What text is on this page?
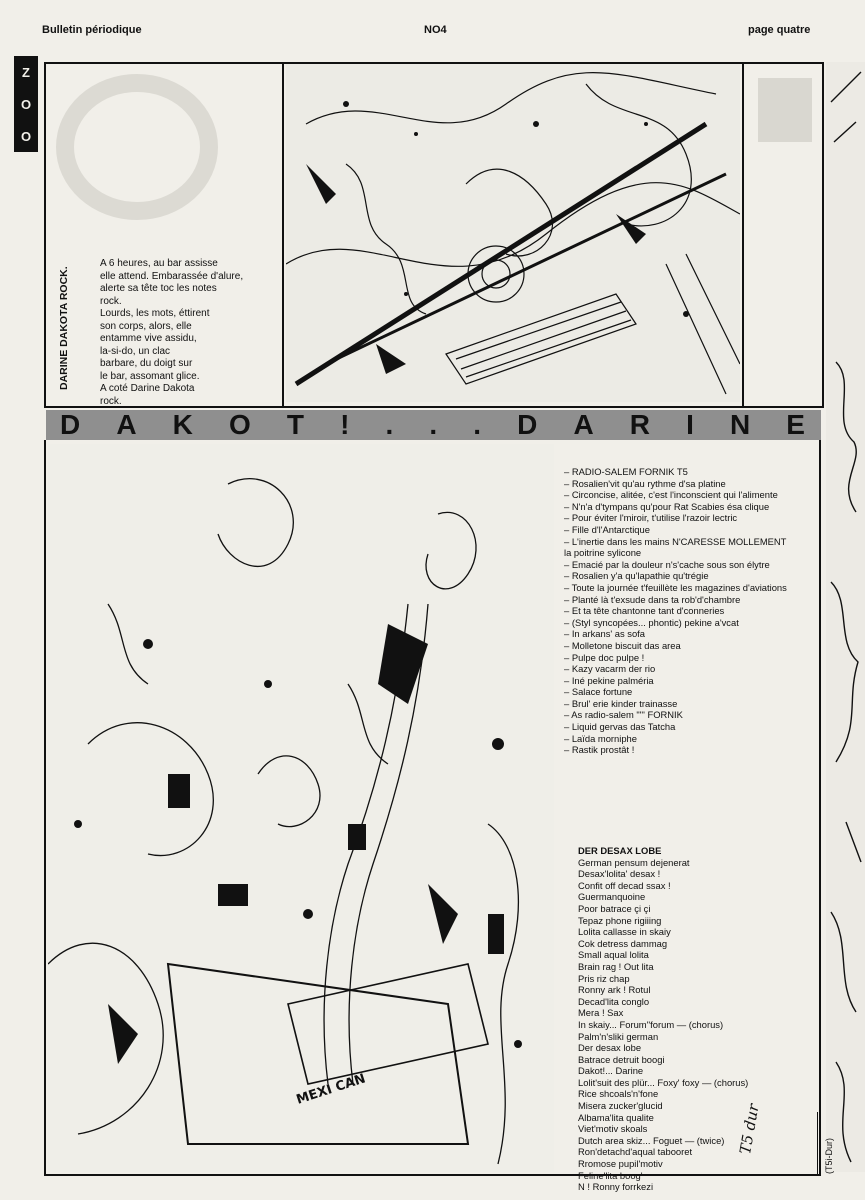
Bulletin périodique	NO4	page quatre
Z
O
O
DARINE DAKOTA ROCK.
A 6 heures, au bar assisse
elle attend. Embarassée d'alure,
alerte sa tête toc les notes
rock.
Lourds, les mots, éttirent
son corps, alors, elle
entamme vive assidu,
la-si-do, un clac
barbare, du doigt sur
le bar, assomant glice.
A coté Darine Dakota
rock.
D A K O T ! . . . D A R I N E
MEXI CAN
– RADIO-SALEM FORNIK T5
– Rosalien'vit qu'au rythme d'sa platine
– Circoncise, alitée, c'est l'inconscient qui l'alimente
– N'n'a d'tympans qu'pour Rat Scabies ésa clique
– Pour éviter l'miroir, t'utilise l'razoir lectric
– Fille d'l'Antarctique
– L'inertie dans les mains N'CARESSE MOLLEMENT
la poitrine sylicone
– Emacié par la douleur n's'cache sous son élytre
– Rosalien y'a qu'lapathie qu'trégie
– Toute la journée t'feuillète les magazines d'aviations
– Planté là t'exsude dans ta rob'd'chambre
– Et ta tête chantonne tant d'conneries
– (Styl syncopées... phontic) pekine a'vcat
– In arkans' as sofa
– Molletone biscuit das area
– Pulpe doc pulpe !
– Kazy vacarm der rio
– Iné pekine palméria
– Salace fortune
– Brul' erie kinder trainasse
– As radio-salem ""' FORNIK
– Liquid gervas das Tatcha
– Laïda morniphe
– Rastik prostât !
DER DESAX LOBE
German pensum dejenerat
Desax'lolita' desax !
Confit off decad ssax !
Guermanquoine
Poor batrace çi çi
Tepaz phone rigiiing
Lolita callasse in skaiy
Cok detress dammag
Small aqual lolita
Brain rag ! Out lita
Pris riz chap
Ronny ark ! Rotul
Decad'lita conglo
Mera ! Sax
In skaiy... Forum''forum — (chorus)
Palm'n'sliki german
Der desax lobe
Batrace detruit boogi
Dakot!... Darine
Lolit'suit des plür... Foxy' foxy — (chorus)
Rice shcoals'n'fone
Misera zucker'glucid
Albama'lita qualite
Viet'motiv skoals
Dutch area skiz... Foguet — (twice)
Ron'detachd'aqual tabooret
Rromose pupil'motiv
Feline'lita boog'
N ! Ronny forrkezi
T5 dur
(T5i-Dur)
